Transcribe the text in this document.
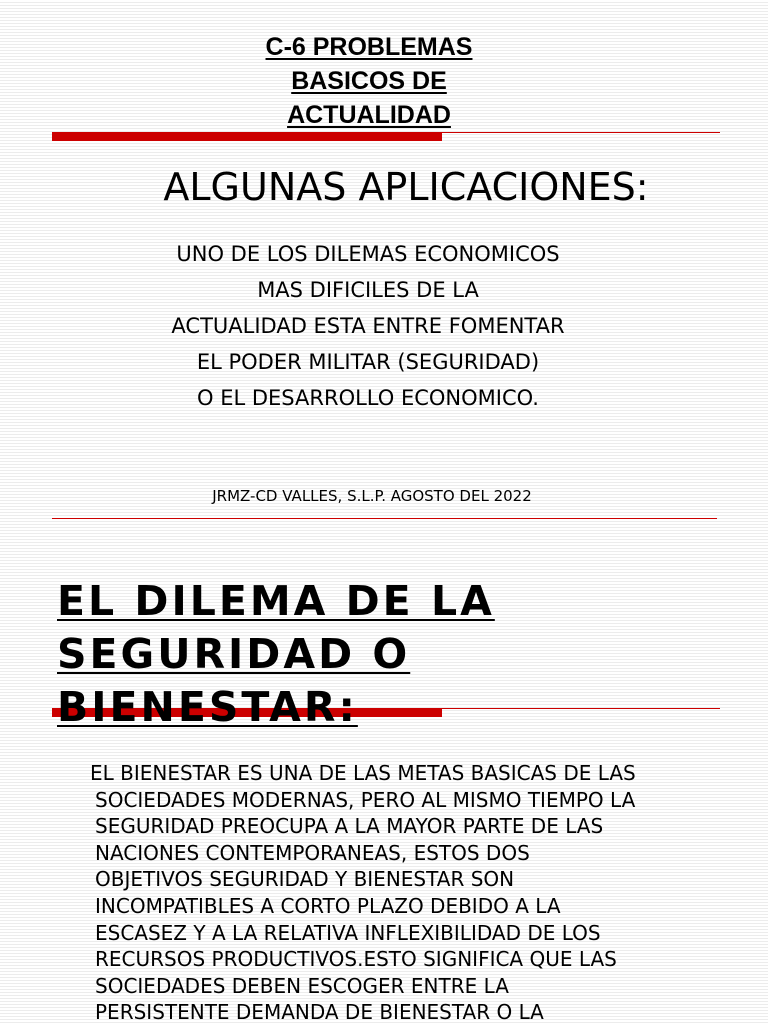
C-6 PROBLEMAS
BASICOS DE
ACTUALIDAD
ALGUNAS APLICACIONES:
UNO DE LOS DILEMAS ECONOMICOS
MAS DIFICILES DE LA
ACTUALIDAD ESTA ENTRE FOMENTAR
EL PODER MILITAR (SEGURIDAD)
O EL DESARROLLO ECONOMICO.
JRMZ-CD VALLES, S.L.P. AGOSTO DEL 2022
EL DILEMA DE LA
SEGURIDAD O
BIENESTAR:
EL BIENESTAR ES UNA DE LAS METAS BASICAS DE LAS
SOCIEDADES MODERNAS, PERO AL MISMO TIEMPO LA
SEGURIDAD PREOCUPA A LA MAYOR PARTE DE LAS
NACIONES CONTEMPORANEAS, ESTOS DOS
OBJETIVOS SEGURIDAD Y BIENESTAR SON
INCOMPATIBLES A CORTO PLAZO DEBIDO A LA
ESCASEZ Y A LA RELATIVA INFLEXIBILIDAD DE LOS
RECURSOS PRODUCTIVOS.ESTO SIGNIFICA QUE LAS
SOCIEDADES DEBEN ESCOGER ENTRE LA
PERSISTENTE DEMANDA DE BIENESTAR O LA
